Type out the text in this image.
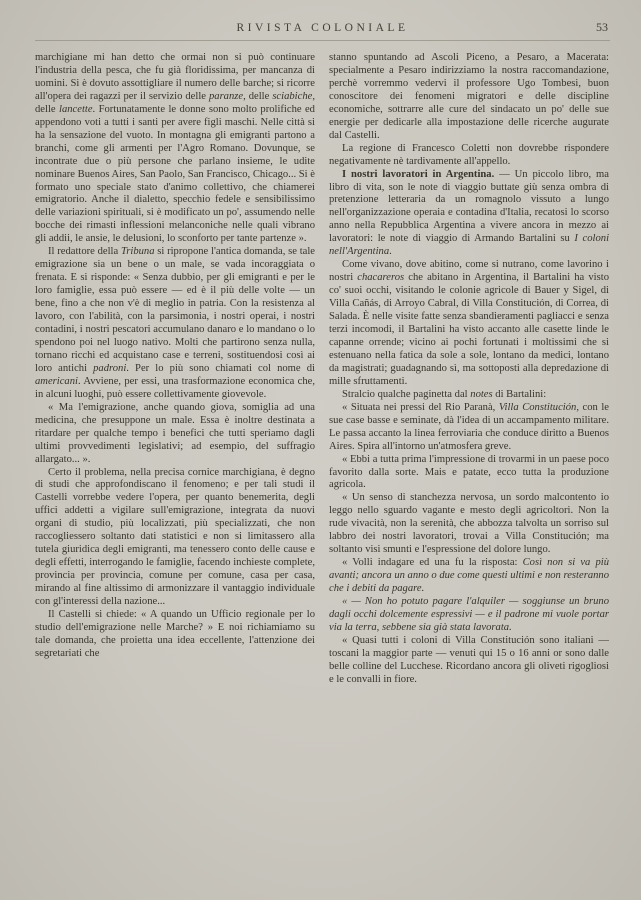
RIVISTA COLONIALE	53

marchigiane mi han detto che ormai non si può continuare l'industria della pesca, che fu già floridissima, per mancanza di uomini. Si è dovuto assottigliare il numero delle barche; si ricorre all'opera dei ragazzi per il servizio delle paranze, delle sciabiche, delle lancette. Fortunatamente le donne sono molto prolifiche ed appendono voti a tutti i santi per avere figli maschi. Nelle città si ha la sensazione del vuoto. In montagna gli emigranti partono a branchi, come gli armenti per l'Agro Romano. Dovunque, se incontrate due o più persone che parlano insieme, le udite nominare Buenos Aires, San Paolo, San Francisco, Chicago... Si è formato uno speciale stato d'animo collettivo, che chiamerei emigratorio. Anche il dialetto, specchio fedele e sensibilissimo delle variazioni spirituali, si è modificato un po', assumendo nelle bocche dei rimasti inflessioni melanconiche nelle quali vibrano gli addii, le ansie, le delusioni, lo sconforto per tante partenze ».

Il redattore della Tribuna si ripropone l'antica domanda, se tale emigrazione sia un bene o un male, se vada incoraggiata o frenata. E si risponde: « Senza dubbio, per gli emigranti e per le loro famiglie, essa può essere — ed è il più delle volte — un bene, fino a che non v'è di meglio in patria. Con la resistenza al lavoro, con l'abilità, con la parsimonia, i nostri operai, i nostri contadini, i nostri pescatori accumulano danaro e lo mandano o lo spendono poi nel luogo nativo. Molti che partirono senza nulla, tornano ricchi ed acquistano case e terreni, sostituendosi così ai loro antichi padroni. Per lo più sono chiamati col nome di americani. Avviene, per essi, una trasformazione economica che, in alcuni luoghi, può essere collettivamente giovevole.

« Ma l'emigrazione, anche quando giova, somiglia ad una medicina, che presuppone un male. Essa è inoltre destinata a ritardare per qualche tempo i benefici che tutti speriamo dagli ultimi provvedimenti legislativi; ad esempio, del suffragio allargato... ».

Certo il problema, nella precisa cornice marchigiana, è degno di studi che approfondiscano il fenomeno; e per tali studi il Castelli vorrebbe vedere l'opera, per quanto benemerita, degli uffici addetti a vigilare sull'emigrazione, integrata da nuovi organi di studio, più localizzati, più specializzati, che non raccogliessero soltanto dati statistici e non si limitassero alla tutela giuridica degli emigranti, ma tenessero conto delle cause e degli effetti, interrogando le famiglie, facendo inchieste complete, provincia per provincia, comune per comune, casa per casa, mirando al fine altissimo di armonizzare il vantaggio individuale con gl'interessi della nazione...

Il Castelli si chiede: « A quando un Ufficio regionale per lo studio dell'emigrazione nelle Marche? » E noi richiamiamo su tale domanda, che proietta una idea eccellente, l'attenzione dei segretariati che

stanno spuntando ad Ascoli Piceno, a Pesaro, a Macerata: specialmente a Pesaro indirizziamo la nostra raccomandazione, perchè vorremmo vedervi il professore Ugo Tombesi, buon conoscitore dei fenomeni migratori e delle discipline economiche, sottrarre alle cure del sindacato un po' delle sue energie per dedicarle alla impostazione delle ricerche augurate dal Castelli.

La regione di Francesco Coletti non dovrebbe rispondere negativamente nè tardivamente all'appello.

I nostri lavoratori in Argentina. — Un piccolo libro, ma libro di vita, son le note di viaggio buttate giù senza ombra di pretenzione letteraria da un romagnolo vissuto a lungo nell'organizzazione operaia e contadina d'Italia, recatosi lo scorso anno nella Repubblica Argentina a vivere ancora in mezzo ai lavoratori: le note di viaggio di Armando Bartalini su I coloni nell'Argentina.

Come vivano, dove abitino, come si nutrano, come lavorino i nostri chacareros che abitano in Argentina, il Bartalini ha visto co' suoi occhi, visitando le colonie agricole di Bauer y Sigel, di Villa Cañás, di Arroyo Cabral, di Villa Constitución, di Correa, di Salada. È nelle visite fatte senza sbandieramenti pagliacci e senza terzi incomodi, il Bartalini ha visto accanto alle casette linde le capanne orrende; vicino ai pochi fortunati i moltissimi che si estenuano nella fatica da sole a sole, lontano da medici, lontano da magistrati; guadagnando sì, ma sottoposti alla depredazione di mille sfruttamenti.

Stralcio qualche paginetta dal notes di Bartalini:

« Situata nei pressi del Rio Paranà, Villa Constitución, con le sue case basse e seminate, dà l'idea di un accampamento militare. Le passa accanto la linea ferroviaria che conduce diritto a Buenos Aires. Spira all'intorno un'atmosfera greve.

« Ebbi a tutta prima l'impressione di trovarmi in un paese poco favorito dalla sorte. Mais e patate, ecco tutta la produzione agricola.

« Un senso di stanchezza nervosa, un sordo malcontento io leggo nello sguardo vagante e mesto degli agricoltori. Non la rude vivacità, non la serenità, che abbozza talvolta un sorriso sul labbro dei nostri lavoratori, trovai a Villa Constitución; ma soltanto visi smunti e l'espressione del dolore lungo.

« Volli indagare ed una fu la risposta: Così non si va più avanti; ancora un anno o due come questi ultimi e non resteranno che i debiti da pagare.

« — Non ho potuto pagare l'alquiler — soggiunse un bruno dagli occhi dolcemente espressivi — e il padrone mi vuole portar via la terra, sebbene sia già stata lavorata.

« Quasi tutti i coloni di Villa Constitución sono italiani — toscani la maggior parte — venuti qui 15 o 16 anni or sono dalle belle colline del Lucchese. Ricordano ancora gli oliveti rigogliosi e le convalli in fiore.
